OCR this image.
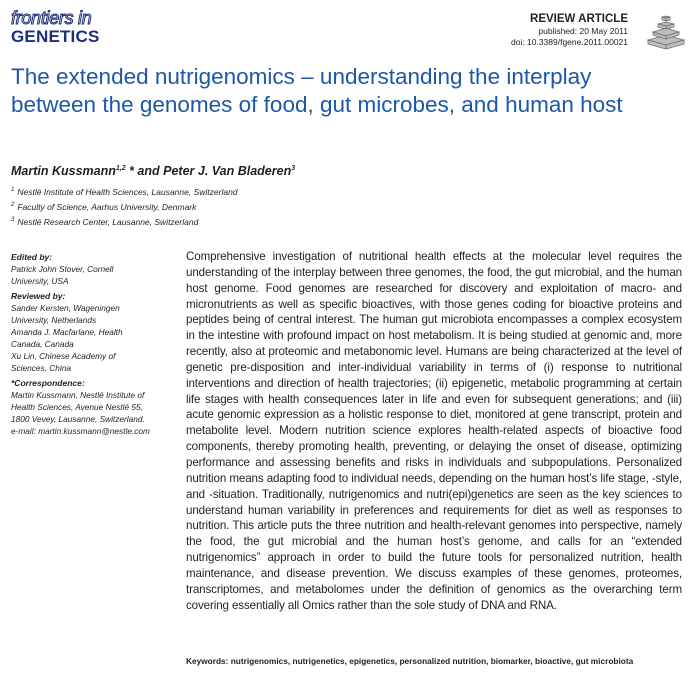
frontiers in
GENETICS
REVIEW ARTICLE
published: 20 May 2011
doi: 10.3389/fgene.2011.00021
The extended nutrigenomics – understanding the interplay between the genomes of food, gut microbes, and human host

Martin Kussmann$^{1,2}$ * and Peter J. Van Bladeren$^3$

$^1$ Nestlé Institute of Health Sciences, Lausanne, Switzerland
$^2$ Faculty of Science, Aarhus University, Denmark
$^3$ Nestlé Research Center, Lausanne, Switzerland

Edited by:

Patrick John Stover, Cornell

University, USA

Reviewed by:

Sander Kersten, Wageningen

University, Netherlands

Amanda J. Macfarlane, Health

Canada, Canada

Xu Lin, Chinese Academy of

Sciences, China

*Correspondence:

Martin Kussmann, Nestlé Institute of

Health Sciences, Avenue Nestlé 55,

1800 Vevey, Lausanne, Switzerland.

e-mail: martin.kussmann@nestle.com

Comprehensive investigation of nutritional health effects at the molecular level requires the understanding of the interplay between three genomes, the food, the gut microbial, and the human host genome. Food genomes are researched for discovery and exploitation of macro- and micronutrients as well as specific bioactives, with those genes coding for bioactive proteins and peptides being of central interest. The human gut microbiota encompasses a complex ecosystem in the intestine with profound impact on host metabolism. It is being studied at genomic and, more recently, also at proteomic and metabonomic level. Humans are being characterized at the level of genetic pre-disposition and inter-individual variability in terms of (i) response to nutritional interventions and direction of health trajectories; (ii) epigenetic, metabolic programming at certain life stages with health consequences later in life and even for subsequent generations; and (iii) acute genomic expression as a holistic response to diet, monitored at gene transcript, protein and metabolite level. Modern nutrition science explores health-related aspects of bioactive food components, thereby promoting health, preventing, or delaying the onset of disease, optimizing performance and assessing benefits and risks in individuals and subpopulations. Personalized nutrition means adapting food to individual needs, depending on the human host’s life stage, -style, and -situation. Traditionally, nutrigenomics and nutri(epi)genetics are seen as the key sciences to understand human variability in preferences and requirements for diet as well as responses to nutrition. This article puts the three nutrition and health-relevant genomes into perspective, namely the food, the gut microbial and the human host’s genome, and calls for an “extended nutrigenomics” approach in order to build the future tools for personalized nutrition, health maintenance, and disease prevention. We discuss examples of these genomes, proteomes, transcriptomes, and metabolomes under the definition of genomics as the overarching term covering essentially all Omics rather than the sole study of DNA and RNA.

Keywords: nutrigenomics, nutrigenetics, epigenetics, personalized nutrition, biomarker, bioactive, gut microbiota
